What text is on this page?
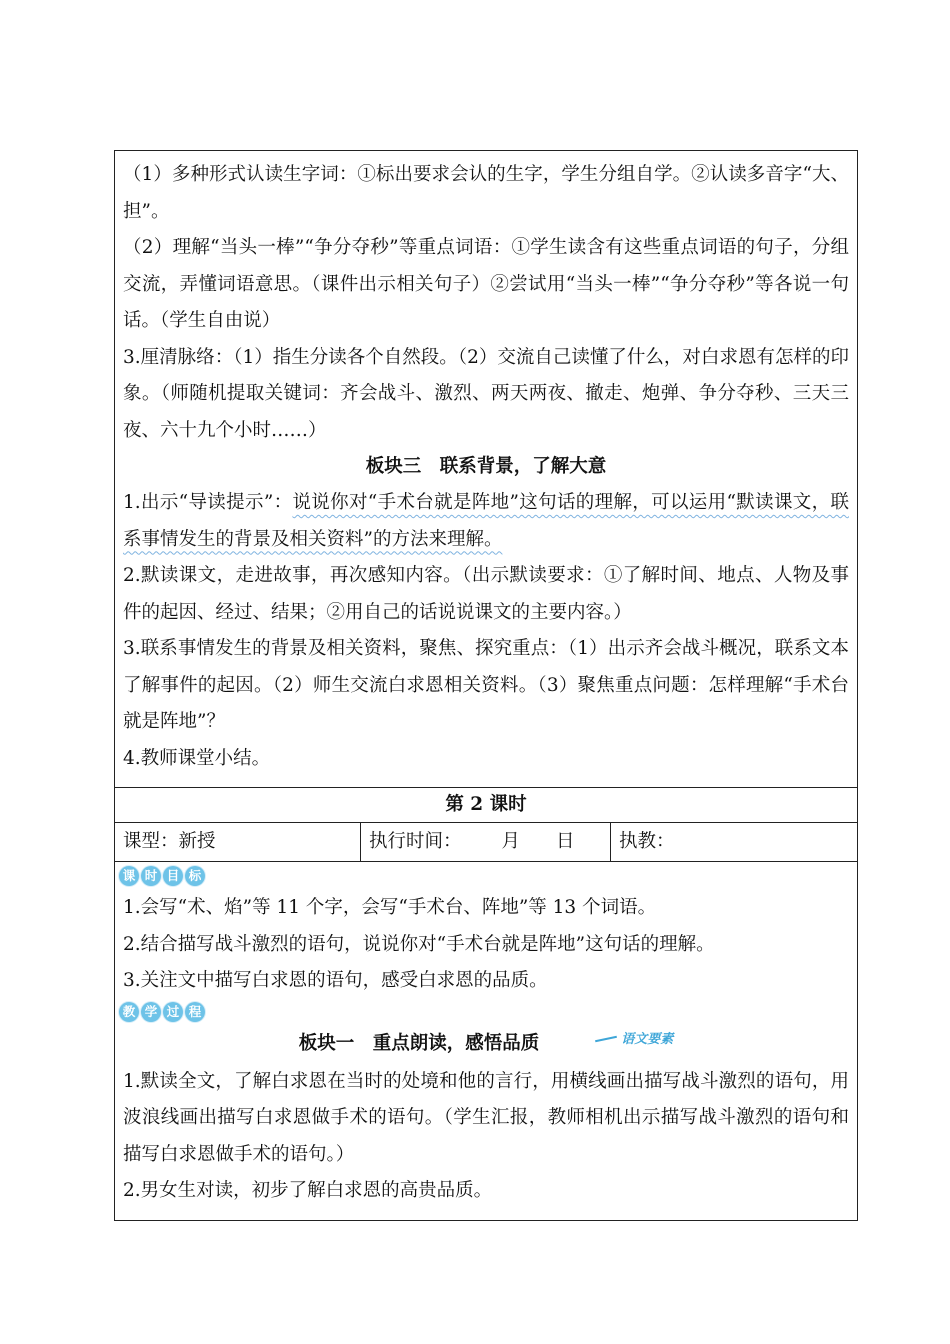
（1）多种形式认读生字词：①标出要求会认的生字，学生分组自学。②认读多音字“大、担”。

（2）理解“当头一棒”“争分夺秒”等重点词语：①学生读含有这些重点词语的句子，分组交流，弄懂词语意思。（课件出示相关句子）②尝试用“当头一棒”“争分夺秒”等各说一句话。（学生自由说）

3.厘清脉络：（1）指生分读各个自然段。（2）交流自己读懂了什么，对白求恩有怎样的印象。（师随机提取关键词：齐会战斗、激烈、两天两夜、撤走、炮弹、争分夺秒、三天三夜、六十九个小时……）

板块三　联系背景，了解大意

1.出示“导读提示”：说说你对“手术台就是阵地”这句话的理解，可以运用“默读课文，联系事情发生的背景及相关资料”的方法来理解。

2.默读课文，走进故事，再次感知内容。（出示默读要求：①了解时间、地点、人物及事件的起因、经过、结果；②用自己的话说说课文的主要内容。）

3.联系事情发生的背景及相关资料，聚焦、探究重点：（1）出示齐会战斗概况，联系文本了解事件的起因。（2）师生交流白求恩相关资料。（3）聚焦重点问题：怎样理解“手术台就是阵地”？

4.教师课堂小结。

第 2 课时
课型：新授	执行时间： 月 日	执教：
课 时 目 标

1.会写“术、焰”等 11 个字，会写“手术台、阵地”等 13 个词语。

2.结合描写战斗激烈的语句，说说你对“手术台就是阵地”这句话的理解。

3.关注文中描写白求恩的语句，感受白求恩的品质。

教 学 过 程

板块一　重点朗读，感悟品质	语文要素

1.默读全文，了解白求恩在当时的处境和他的言行，用横线画出描写战斗激烈的语句，用波浪线画出描写白求恩做手术的语句。（学生汇报，教师相机出示描写战斗激烈的语句和描写白求恩做手术的语句。）

2.男女生对读，初步了解白求恩的高贵品质。
